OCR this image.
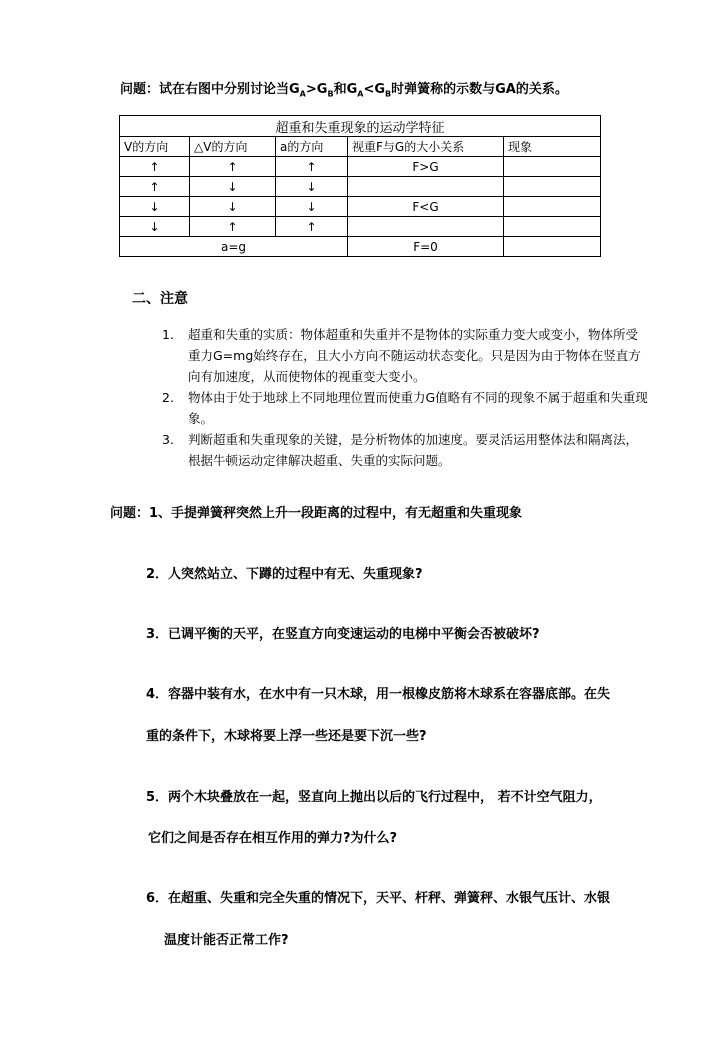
问题：试在右图中分别讨论当$G_A>G_B$和$G_A<G_B$时弹簧称的示数与GA的关系。
超重和失重现象的运动学特征				
V的方向	△V的方向	a的方向	视重F与G的大小关系	现象
↑	↑	↑	F>G	
↑	↓	↓		
↓	↓	↓	F<G	
↓	↑	↑		
a=g			F=0	
二、注意
1. 超重和失重的实质：物体超重和失重并不是物体的实际重力变大或变小，物体所受重力G=mg始终存在，且大小方向不随运动状态变化。只是因为由于物体在竖直方向有加速度，从而使物体的视重变大变小。
2. 物体由于处于地球上不同地理位置而使重力G值略有不同的现象不属于超重和失重现象。
3. 判断超重和失重现象的关键，是分析物体的加速度。要灵活运用整体法和隔离法，根据牛顿运动定律解决超重、失重的实际问题。
问题：1、手提弹簧秤突然上升一段距离的过程中，有无超重和失重现象
2．人突然站立、下蹲的过程中有无、失重现象?
3．已调平衡的天平，在竖直方向变速运动的电梯中平衡会否被破坏?
4．容器中装有水，在水中有一只木球，用一根橡皮筋将木球系在容器底部。在失
重的条件下，木球将要上浮一些还是要下沉一些?
5．两个木块叠放在一起，竖直向上抛出以后的飞行过程中， 若不计空气阻力，
它们之间是否存在相互作用的弹力?为什么?
6．在超重、失重和完全失重的情况下，天平、杆秤、弹簧秤、水银气压计、水银
温度计能否正常工作?
